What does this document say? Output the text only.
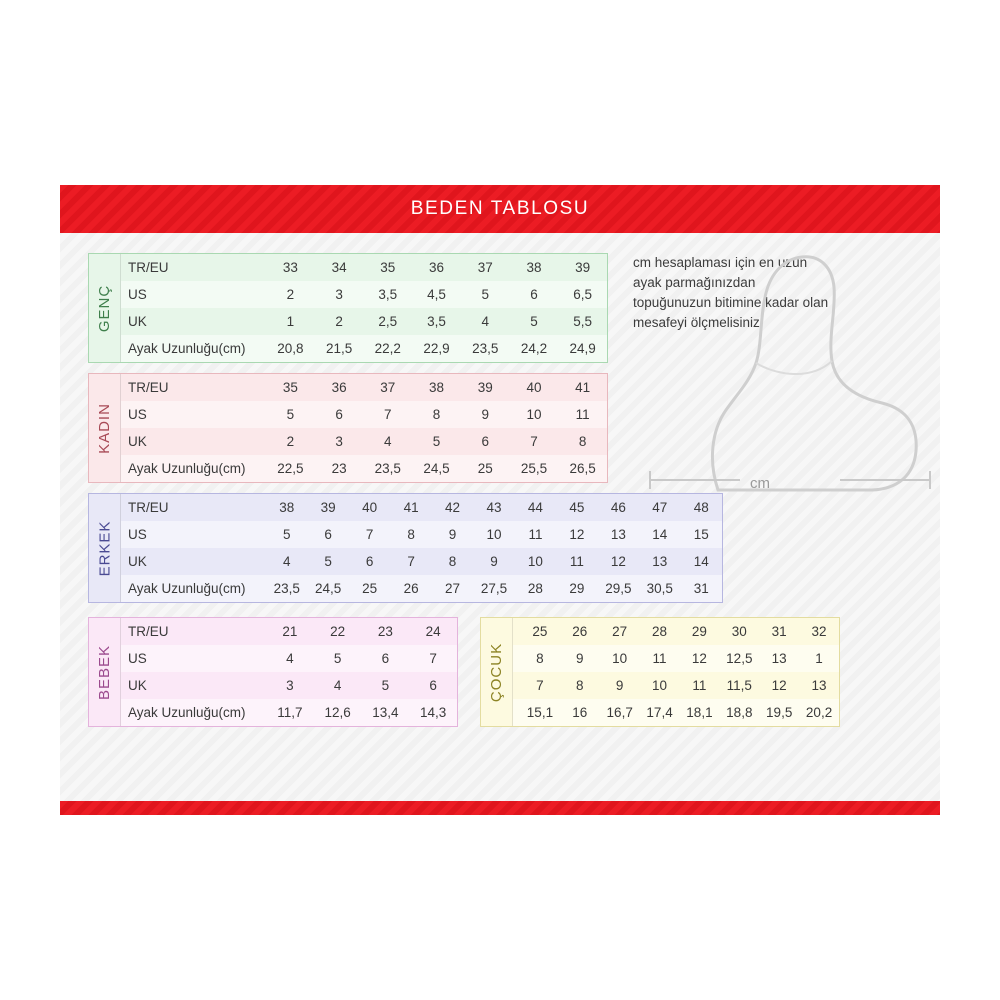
BEDEN TABLOSU
GENÇ
TR/EU	33	34	35	36	37	38	39
US	2	3	3,5	4,5	5	6	6,5
UK	1	2	2,5	3,5	4	5	5,5
Ayak Uzunluğu(cm)	20,8	21,5	22,2	22,9	23,5	24,2	24,9
KADIN
TR/EU	35	36	37	38	39	40	41
US	5	6	7	8	9	10	11
UK	2	3	4	5	6	7	8
Ayak Uzunluğu(cm)	22,5	23	23,5	24,5	25	25,5	26,5
ERKEK
TR/EU	38	39	40	41	42	43	44	45	46	47	48
US	5	6	7	8	9	10	11	12	13	14	15
UK	4	5	6	7	8	9	10	11	12	13	14
Ayak Uzunluğu(cm)	23,5	24,5	25	26	27	27,5	28	29	29,5	30,5	31
BEBEK
TR/EU	21	22	23	24
US	4	5	6	7
UK	3	4	5	6
Ayak Uzunluğu(cm)	11,7	12,6	13,4	14,3
ÇOCUK
25	26	27	28	29	30	31	32
8	9	10	11	12	12,5	13	1
7	8	9	10	11	11,5	12	13
15,1	16	16,7	17,4	18,1	18,8	19,5	20,2
cm hesaplaması için en uzun ayak parmağınızdan topuğunuzun bitimine kadar olan mesafeyi ölçmelisiniz.
cm
